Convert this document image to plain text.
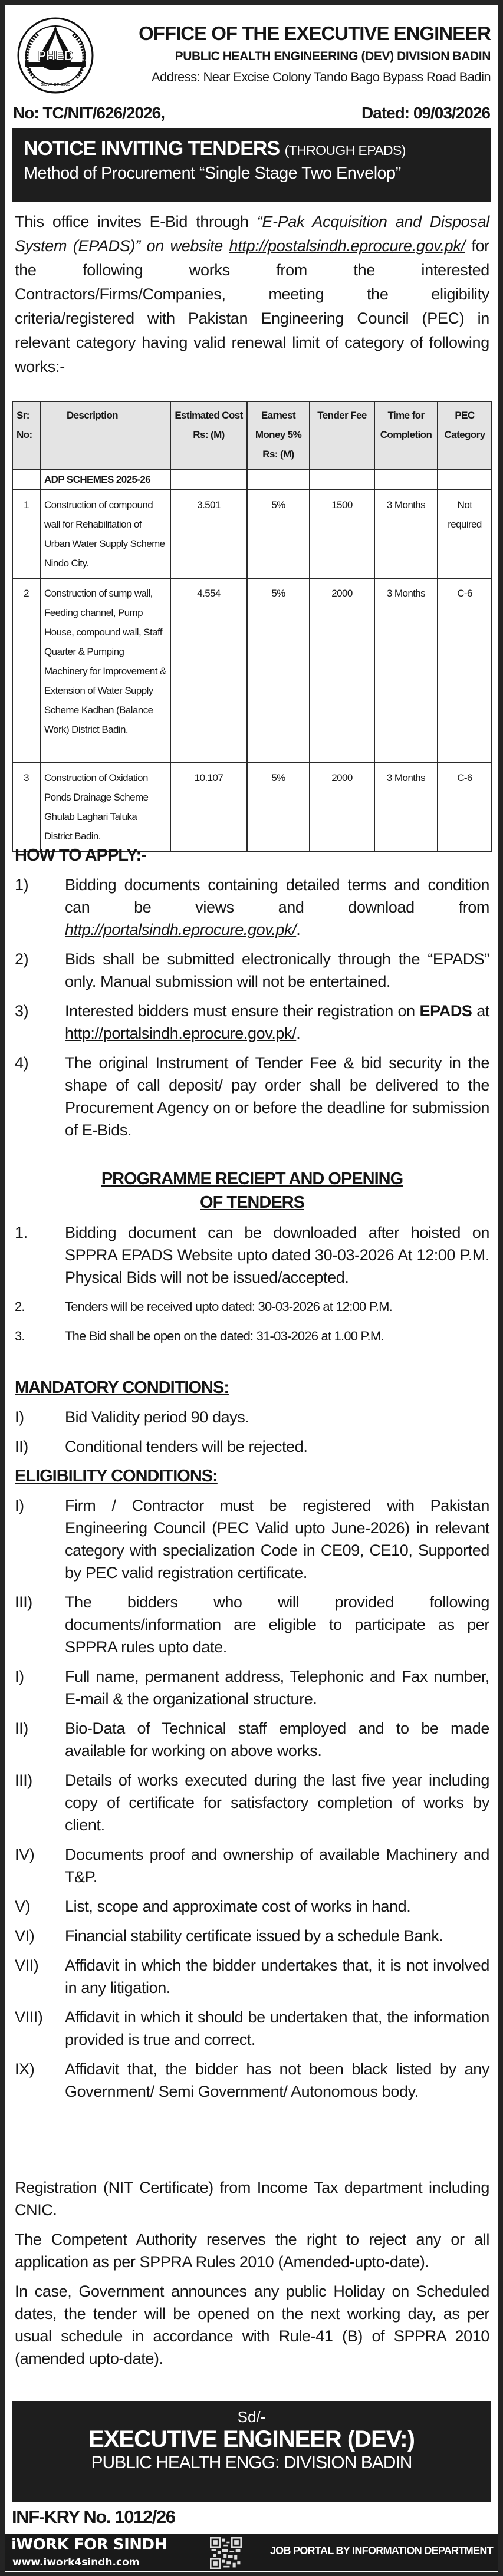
PHED
GOVT OF SIND
OFFICE OF THE EXECUTIVE ENGINEER
PUBLIC HEALTH ENGINEERING (DEV) DIVISION BADIN
Address: Near Excise Colony Tando Bago Bypass Road Badin
No: TC/NIT/626/2026,	Dated: 09/03/2026
NOTICE INVITING TENDERS (THROUGH EPADS)
Method of Procurement “Single Stage Two Envelop”
This office invites E-Bid through “E-Pak Acquisition and Disposal System (EPADS)” on website http://postalsindh.eprocure.gov.pk/ for the following works from the interested Contractors/Firms/Companies, meeting the eligibility criteria/registered with Pakistan Engineering Council (PEC) in relevant category having valid renewal limit of category of following works:-
Sr: No:	Description	Estimated Cost Rs: (M)	Earnest Money 5% Rs: (M)	Tender Fee	Time for Completion	PEC Category
	ADP SCHEMES 2025-26					
1	Construction of compound wall for Rehabilitation of Urban Water Supply Scheme Nindo City.	3.501	5%	1500	3 Months	Not required
2	Construction of sump wall, Feeding channel, Pump House, compound wall, Staff Quarter & Pumping Machinery for Improvement & Extension of Water Supply Scheme Kadhan (Balance Work) District Badin.	4.554	5%	2000	3 Months	C-6
3	Construction of Oxidation Ponds Drainage Scheme Ghulab Laghari Taluka District Badin.	10.107	5%	2000	3 Months	C-6
HOW TO APPLY:-
1)	Bidding documents containing detailed terms and condition can be views and download from http://portalsindh.eprocure.gov.pk/.
2)	Bids shall be submitted electronically through the “EPADS” only. Manual submission will not be entertained.
3)	Interested bidders must ensure their registration on EPADS at http://portalsindh.eprocure.gov.pk/.
4)	The original Instrument of Tender Fee & bid security in the shape of call deposit/ pay order shall be delivered to the Procurement Agency on or before the deadline for submission of E-Bids.
PROGRAMME RECIEPT AND OPENING
OF TENDERS
1.	Bidding document can be downloaded after hoisted on SPPRA EPADS Website upto dated 30-03-2026 At 12:00 P.M. Physical Bids will not be issued/accepted.
2.	Tenders will be received upto dated: 30-03-2026 at 12:00 P.M.
3.	The Bid shall be open on the dated: 31-03-2026 at 1.00 P.M.
MANDATORY CONDITIONS:
I)	Bid Validity period 90 days.
II)	Conditional tenders will be rejected.
ELIGIBILITY CONDITIONS:
I)	Firm / Contractor must be registered with Pakistan Engineering Council (PEC Valid upto June-2026) in relevant category with specialization Code in CE09, CE10, Supported by PEC valid registration certificate.
III)	The bidders who will provided following documents/information are eligible to participate as per SPPRA rules upto date.
I)	Full name, permanent address, Telephonic and Fax number, E-mail & the organizational structure.
II)	Bio-Data of Technical staff employed and to be made available for working on above works.
III)	Details of works executed during the last five year including copy of certificate for satisfactory completion of works by client.
IV)	Documents proof and ownership of available Machinery and T&P.
V)	List, scope and approximate cost of works in hand.
VI)	Financial stability certificate issued by a schedule Bank.
VII)	Affidavit in which the bidder undertakes that, it is not involved in any litigation.
VIII)	Affidavit in which it should be undertaken that, the information provided is true and correct.
IX)	Affidavit that, the bidder has not been black listed by any Government/ Semi Government/ Autonomous body.
Registration (NIT Certificate) from Income Tax department including CNIC.
The Competent Authority reserves the right to reject any or all application as per SPPRA Rules 2010 (Amended-upto-date).
In case, Government announces any public Holiday on Scheduled dates, the tender will be opened on the next working day, as per usual schedule in accordance with Rule-41 (B) of SPPRA 2010 (amended upto-date).
Sd/-
EXECUTIVE ENGINEER (DEV:)
PUBLIC HEALTH ENGG: DIVISION BADIN
INF-KRY No. 1012/26
iWORK FOR SINDH
www.iwork4sindh.com
JOB PORTAL BY INFORMATION DEPARTMENT
